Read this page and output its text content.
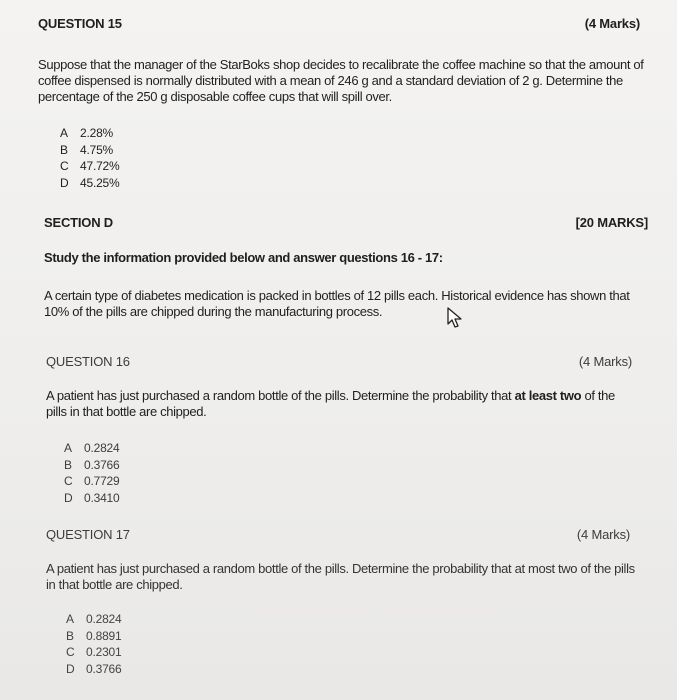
QUESTION 15	(4 Marks)
Suppose that the manager of the StarBoks shop decides to recalibrate the coffee machine so that the amount of coffee dispensed is normally distributed with a mean of 246 g and a standard deviation of 2 g. Determine the percentage of the 250 g disposable coffee cups that will spill over.
A	2.28%
B	4.75%
C 47.72%
D 45.25%
SECTION D	[20 MARKS]
Study the information provided below and answer questions 16 - 17:
A certain type of diabetes medication is packed in bottles of 12 pills each. Historical evidence has shown that 10% of the pills are chipped during the manufacturing process.
QUESTION 16	(4 Marks)
A patient has just purchased a random bottle of the pills. Determine the probability that at least two of the pills in that bottle are chipped.
A	0.2824
B	0.3766
C 0.7729
D 0.3410
QUESTION 17	(4 Marks)
A patient has just purchased a random bottle of the pills. Determine the probability that at most two of the pills in that bottle are chipped.
A	0.2824
B	0.8891
C 0.2301
D 0.3766
